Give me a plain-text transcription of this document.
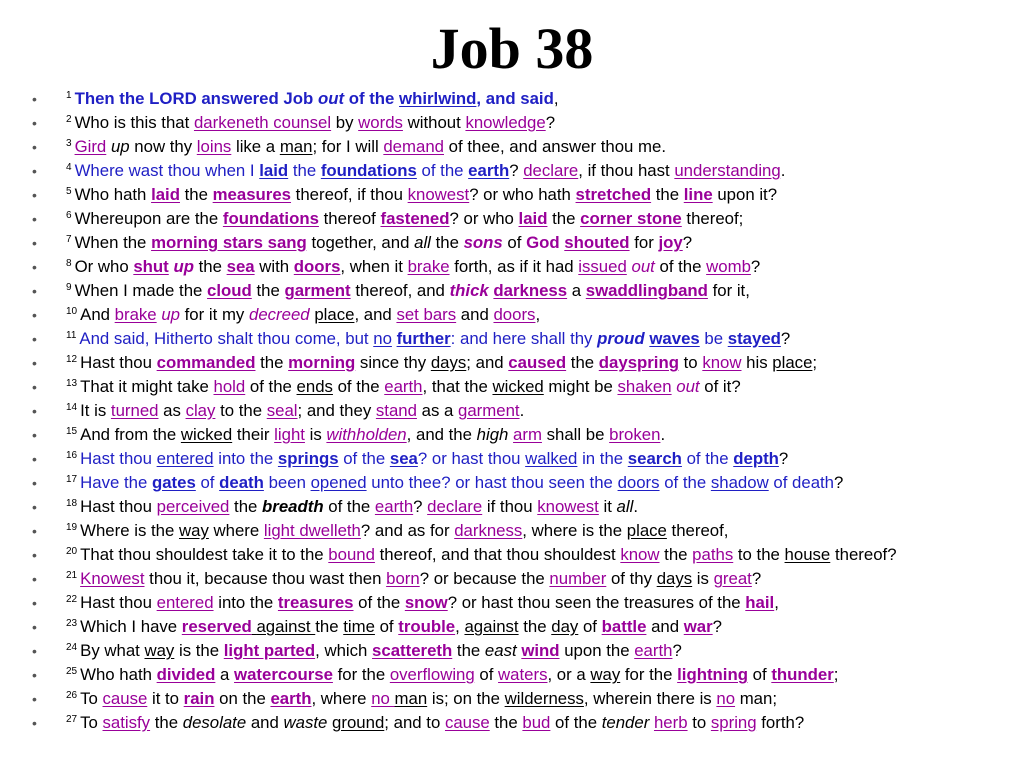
Job 38
•	$^1$ Then the LORD answered Job out of the whirlwind, and said,
•	$^2$ Who is this that darkeneth counsel by words without knowledge?
•	$^3$ Gird up now thy loins like a man; for I will demand of thee, and answer thou me.
•	$^4$ Where wast thou when I laid the foundations of the earth? declare, if thou hast understanding.
•	$^5$ Who hath laid the measures thereof, if thou knowest? or who hath stretched the line upon it?
•	$^6$ Whereupon are the foundations thereof fastened? or who laid the corner stone thereof;
•	$^7$ When the morning stars sang together, and all the sons of God shouted for joy?
•	$^8$ Or who shut up the sea with doors, when it brake forth, as if it had issued out of the womb?
•	$^9$ When I made the cloud the garment thereof, and thick darkness a swaddlingband for it,
•	$^{10}$ And brake up for it my decreed place, and set bars and doors,
•	$^{11}$ And said, Hitherto shalt thou come, but no further: and here shall thy proud waves be stayed?
•	$^{12}$ Hast thou commanded the morning since thy days; and caused the dayspring to know his place;
•	$^{13}$ That it might take hold of the ends of the earth, that the wicked might be shaken out of it?
•	$^{14}$ It is turned as clay to the seal; and they stand as a garment.
•	$^{15}$ And from the wicked their light is withholden, and the high arm shall be broken.
•	$^{16}$ Hast thou entered into the springs of the sea? or hast thou walked in the search of the depth?
•	$^{17}$ Have the gates of death been opened unto thee? or hast thou seen the doors of the shadow of death?
•	$^{18}$ Hast thou perceived the breadth of the earth? declare if thou knowest it all.
•	$^{19}$ Where is the way where light dwelleth? and as for darkness, where is the place thereof,
•	$^{20}$ That thou shouldest take it to the bound thereof, and that thou shouldest know the paths to the house thereof?
•	$^{21}$ Knowest thou it, because thou wast then born? or because the number of thy days is great?
•	$^{22}$ Hast thou entered into the treasures of the snow? or hast thou seen the treasures of the hail,
•	$^{23}$ Which I have reserved against the time of trouble, against the day of battle and war?
•	$^{24}$ By what way is the light parted, which scattereth the east wind upon the earth?
•	$^{25}$ Who hath divided a watercourse for the overflowing of waters, or a way for the lightning of thunder;
•	$^{26}$ To cause it to rain on the earth, where no man is; on the wilderness, wherein there is no man;
•	$^{27}$ To satisfy the desolate and waste ground; and to cause the bud of the tender herb to spring forth?
